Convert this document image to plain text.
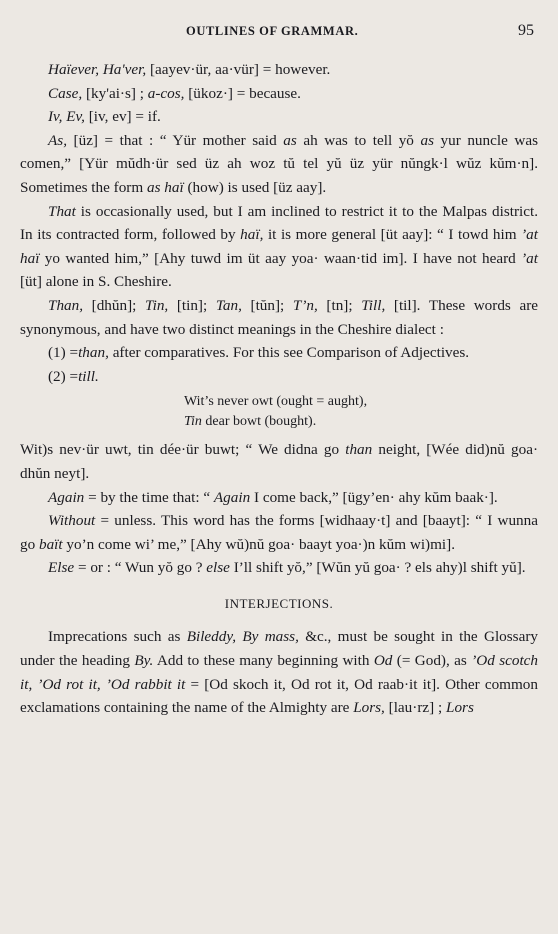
OUTLINES OF GRAMMAR.	95

Haïever, Ha'ver, [aayev·ür, aa·vür] = however.

Case, [ky'ai·s] ; a-cos, [ükoz·] = because.

Iv, Ev, [iv, ev] = if.

As, [üz] = that : “ Yür mother said as ah was to tell yŏ as yur nuncle was comen,” [Yür mŭdh·ür sed üz ah woz tŭ tel yŭ üz yür nŭngk·l wŭz kŭm·n]. Sometimes the form as haï (how) is used [üz aay].

That is occasionally used, but I am inclined to restrict it to the Malpas district. In its contracted form, followed by haï, it is more general [üt aay]: “ I towd him ’at haï yo wanted him,” [Ahy tuwd im üt aay yoa· waan·tid im]. I have not heard ’at [üt] alone in S. Cheshire.

Than, [dhŭn]; Tin, [tin]; Tan, [tŭn]; T’n, [tn]; Till, [til]. These words are synonymous, and have two distinct meanings in the Cheshire dialect :

(1) =than, after comparatives. For this see Comparison of Adjectives.

(2) =till.

Wit’s never owt (ought = aught),
Tin dear bowt (bought).

Wit)s nev·ür uwt, tin dée·ür buwt; “ We didna go than neight, [Wée did)nŭ goa· dhŭn neyt].

Again = by the time that: “ Again I come back,” [ügy’en· ahy kŭm baak·].

Without = unless. This word has the forms [widhaay·t] and [baayt]: “ I wunna go baït yo’n come wi’ me,” [Ahy wŭ)nŭ goa· baayt yoa·)n kŭm wi)mi].

Else = or : “ Wun yŏ go ? else I’ll shift yŏ,” [Wŭn yŭ goa· ? els ahy)l shift yŭ].

INTERJECTIONS.

Imprecations such as Bileddy, By mass, &c., must be sought in the Glossary under the heading By. Add to these many beginning with Od (= God), as ’Od scotch it, ’Od rot it, ’Od rabbit it = [Od skoch it, Od rot it, Od raab·it it]. Other common exclamations containing the name of the Almighty are Lors, [lau·rz] ; Lors
